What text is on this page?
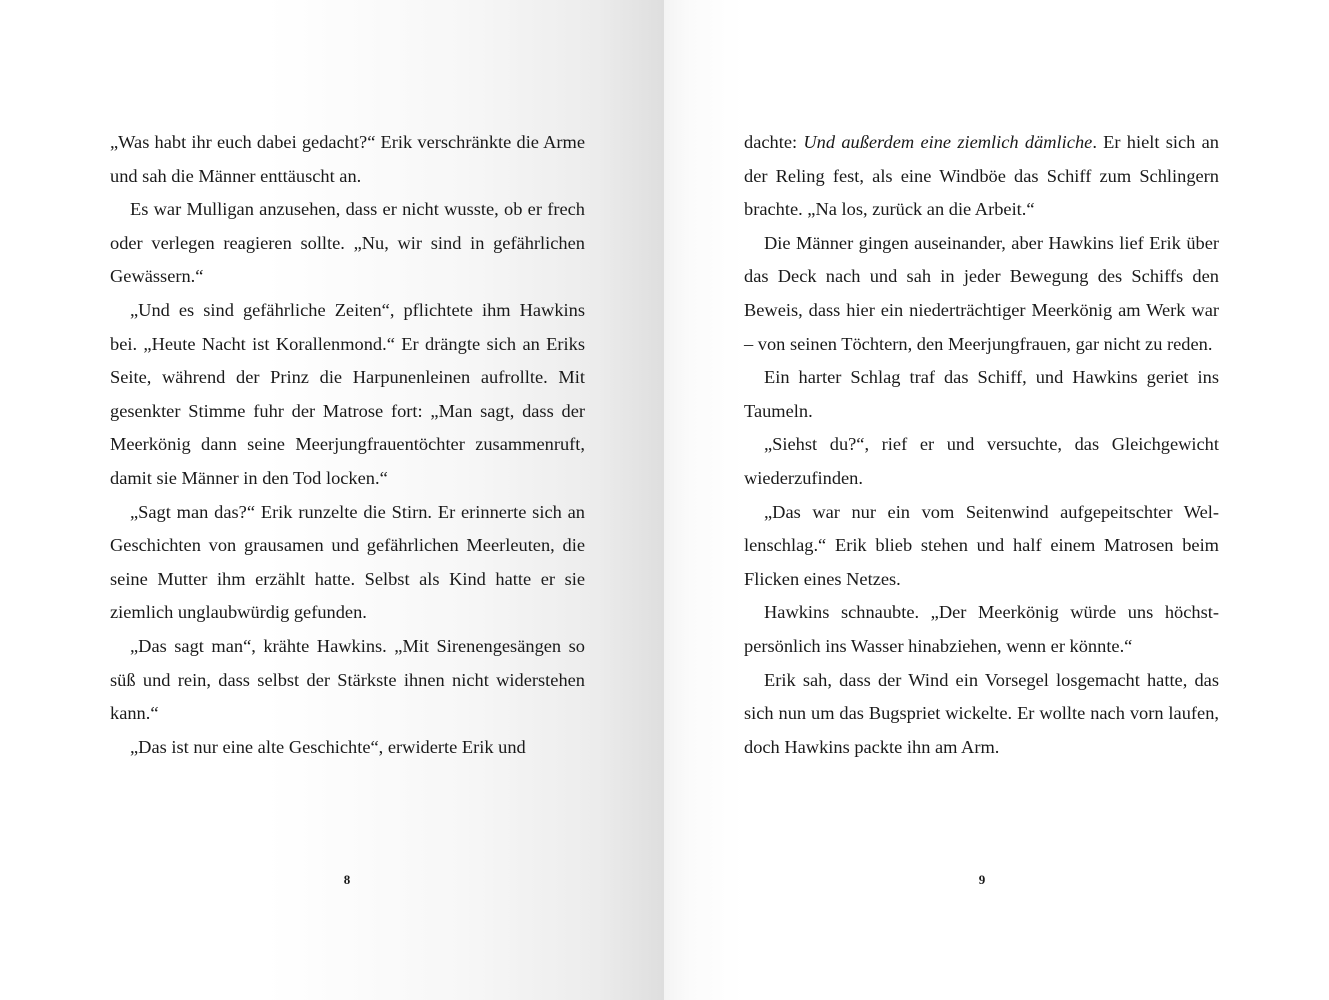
„Was habt ihr euch dabei gedacht?“ Erik verschränkte die Arme und sah die Männer enttäuscht an.

Es war Mulligan anzusehen, dass er nicht wusste, ob er frech oder verlegen reagieren sollte. „Nu, wir sind in gefährlichen Gewässern.“

„Und es sind gefährliche Zeiten“, pflichtete ihm Hawkins bei. „Heute Nacht ist Korallenmond.“ Er drängte sich an Eriks Seite, während der Prinz die Harpunenleinen aufrollte. Mit gesenkter Stimme fuhr der Matrose fort: „Man sagt, dass der Meerkönig dann seine Meerjungfrauentöchter zusammenruft, damit sie Männer in den Tod locken.“

„Sagt man das?“ Erik runzelte die Stirn. Er erinnerte sich an Geschichten von grausamen und gefährlichen Meerleuten, die seine Mutter ihm erzählt hatte. Selbst als Kind hatte er sie ziemlich unglaubwürdig gefunden.

„Das sagt man“, krähte Hawkins. „Mit Sirenengesängen so süß und rein, dass selbst der Stärkste ihnen nicht widerstehen kann.“

„Das ist nur eine alte Geschichte“, erwiderte Erik und

8

dachte: Und außerdem eine ziemlich dämliche. Er hielt sich an der Reling fest, als eine Windböe das Schiff zum Schlingern brachte. „Na los, zurück an die Arbeit.“

Die Männer gingen auseinander, aber Hawkins lief Erik über das Deck nach und sah in jeder Bewegung des Schiffs den Beweis, dass hier ein niederträchtiger Meerkönig am Werk war – von seinen Töchtern, den Meerjungfrauen, gar nicht zu reden.

Ein harter Schlag traf das Schiff, und Hawkins geriet ins Taumeln.

„Siehst du?“, rief er und versuchte, das Gleichgewicht wiederzufinden.

„Das war nur ein vom Seitenwind aufgepeitschter Wellenschlag.“ Erik blieb stehen und half einem Matrosen beim Flicken eines Netzes.

Hawkins schnaubte. „Der Meerkönig würde uns höchstpersönlich ins Wasser hinabziehen, wenn er könnte.“

Erik sah, dass der Wind ein Vorsegel losgemacht hatte, das sich nun um das Bugspriet wickelte. Er wollte nach vorn laufen, doch Hawkins packte ihn am Arm.

9
